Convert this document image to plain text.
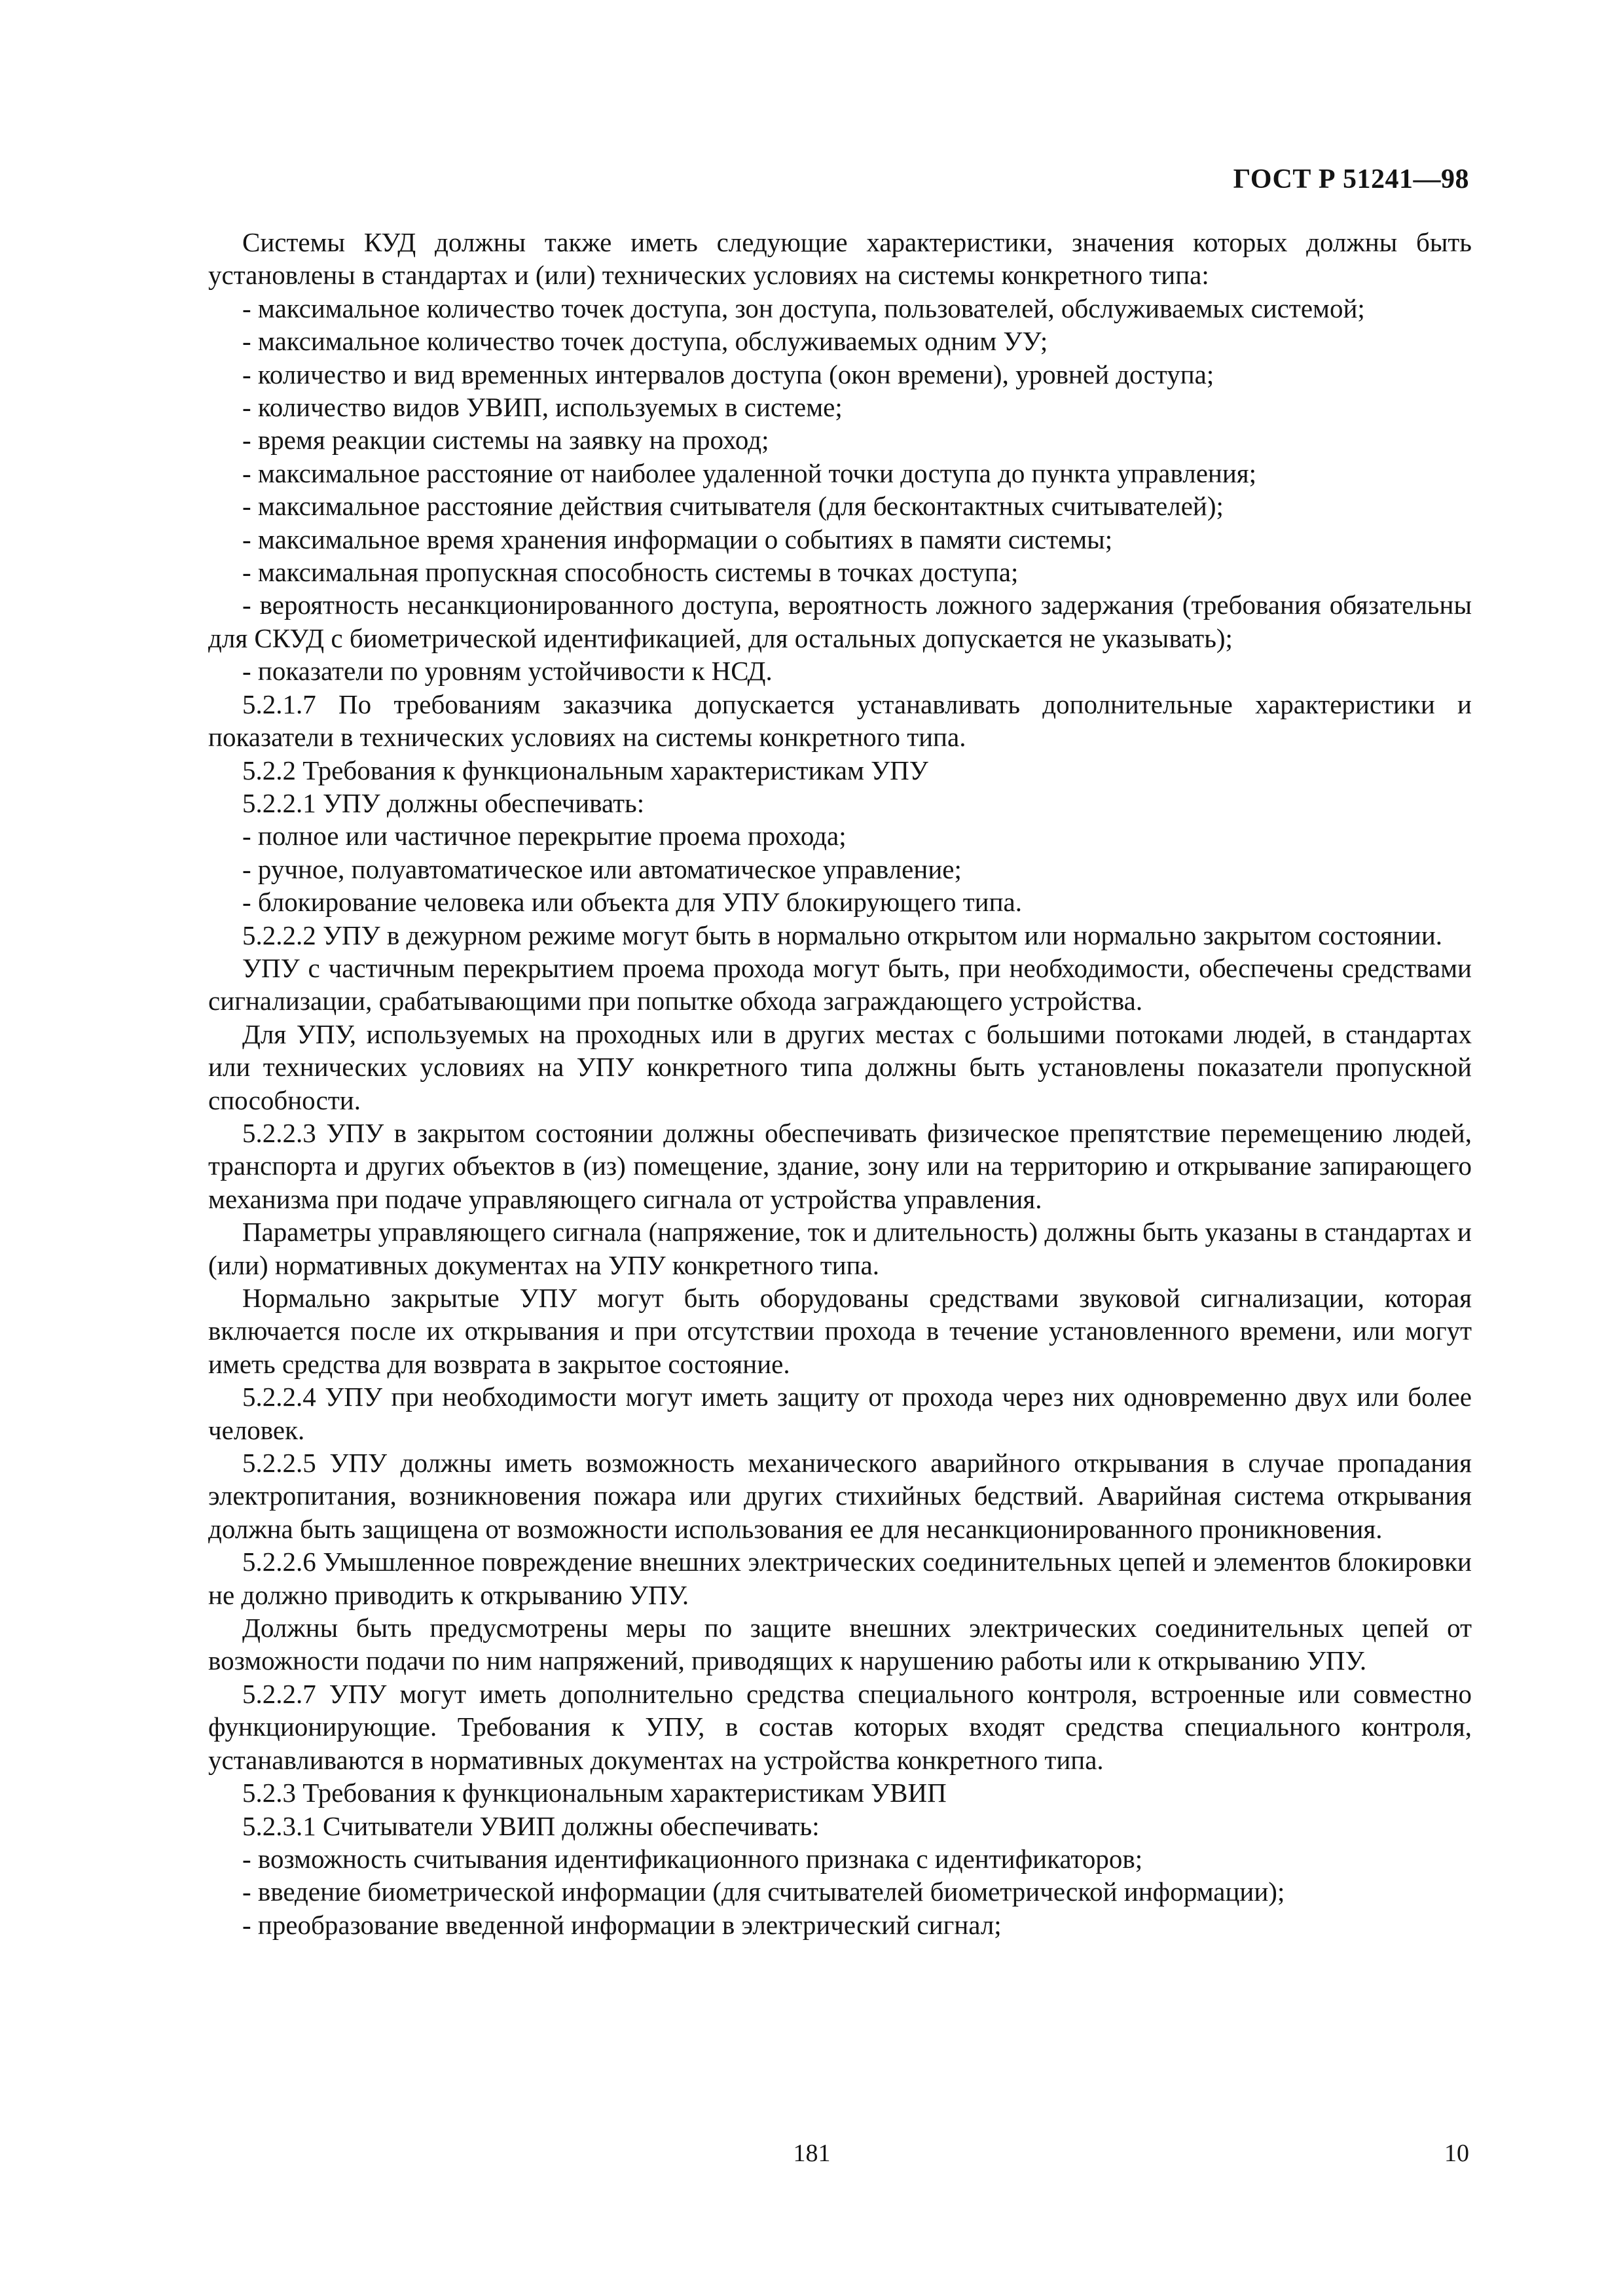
ГОСТ Р 51241—98

Системы КУД должны также иметь следующие характеристики, значения которых должны быть установлены в стандартах и (или) технических условиях на системы конкретного типа:

- максимальное количество точек доступа, зон доступа, пользователей, обслуживаемых системой;

- максимальное количество точек доступа, обслуживаемых одним УУ;

- количество и вид временных интервалов доступа (окон времени), уровней доступа;

- количество видов УВИП, используемых в системе;

- время реакции системы на заявку на проход;

- максимальное расстояние от наиболее удаленной точки доступа до пункта управления;

- максимальное расстояние действия считывателя (для бесконтактных считывателей);

- максимальное время хранения информации о событиях в памяти системы;

- максимальная пропускная способность системы в точках доступа;

- вероятность несанкционированного доступа, вероятность ложного задержания (требования обязательны для СКУД с биометрической идентификацией, для остальных допускается не указывать);

- показатели по уровням устойчивости к НСД.

5.2.1.7 По требованиям заказчика допускается устанавливать дополнительные характеристики и показатели в технических условиях на системы конкретного типа.

5.2.2 Требования к функциональным характеристикам УПУ

5.2.2.1 УПУ должны обеспечивать:

- полное или частичное перекрытие проема прохода;

- ручное, полуавтоматическое или автоматическое управление;

- блокирование человека или объекта для УПУ блокирующего типа.

5.2.2.2 УПУ в дежурном режиме могут быть в нормально открытом или нормально закрытом состоянии.

УПУ с частичным перекрытием проема прохода могут быть, при необходимости, обеспечены средствами сигнализации, срабатывающими при попытке обхода заграждающего устройства.

Для УПУ, используемых на проходных или в других местах с большими потоками людей, в стандартах или технических условиях на УПУ конкретного типа должны быть установлены показатели пропускной способности.

5.2.2.3 УПУ в закрытом состоянии должны обеспечивать физическое препятствие перемещению людей, транспорта и других объектов в (из) помещение, здание, зону или на территорию и открывание запирающего механизма при подаче управляющего сигнала от устройства управления.

Параметры управляющего сигнала (напряжение, ток и длительность) должны быть указаны в стандартах и (или) нормативных документах на УПУ конкретного типа.

Нормально закрытые УПУ могут быть оборудованы средствами звуковой сигнализации, которая включается после их открывания и при отсутствии прохода в течение установленного времени, или могут иметь средства для возврата в закрытое состояние.

5.2.2.4 УПУ при необходимости могут иметь защиту от прохода через них одновременно двух или более человек.

5.2.2.5 УПУ должны иметь возможность механического аварийного открывания в случае пропадания электропитания, возникновения пожара или других стихийных бедствий. Аварийная система открывания должна быть защищена от возможности использования ее для несанкционированного проникновения.

5.2.2.6 Умышленное повреждение внешних электрических соединительных цепей и элементов блокировки не должно приводить к открыванию УПУ.

Должны быть предусмотрены меры по защите внешних электрических соединительных цепей от возможности подачи по ним напряжений, приводящих к нарушению работы или к открыванию УПУ.

5.2.2.7 УПУ могут иметь дополнительно средства специального контроля, встроенные или совместно функционирующие. Требования к УПУ, в состав которых входят средства специального контроля, устанавливаются в нормативных документах на устройства конкретного типа.

5.2.3 Требования к функциональным характеристикам УВИП

5.2.3.1 Считыватели УВИП должны обеспечивать:

- возможность считывания идентификационного признака с идентификаторов;

- введение биометрической информации (для считывателей биометрической информации);

- преобразование введенной информации в электрический сигнал;

181	10
